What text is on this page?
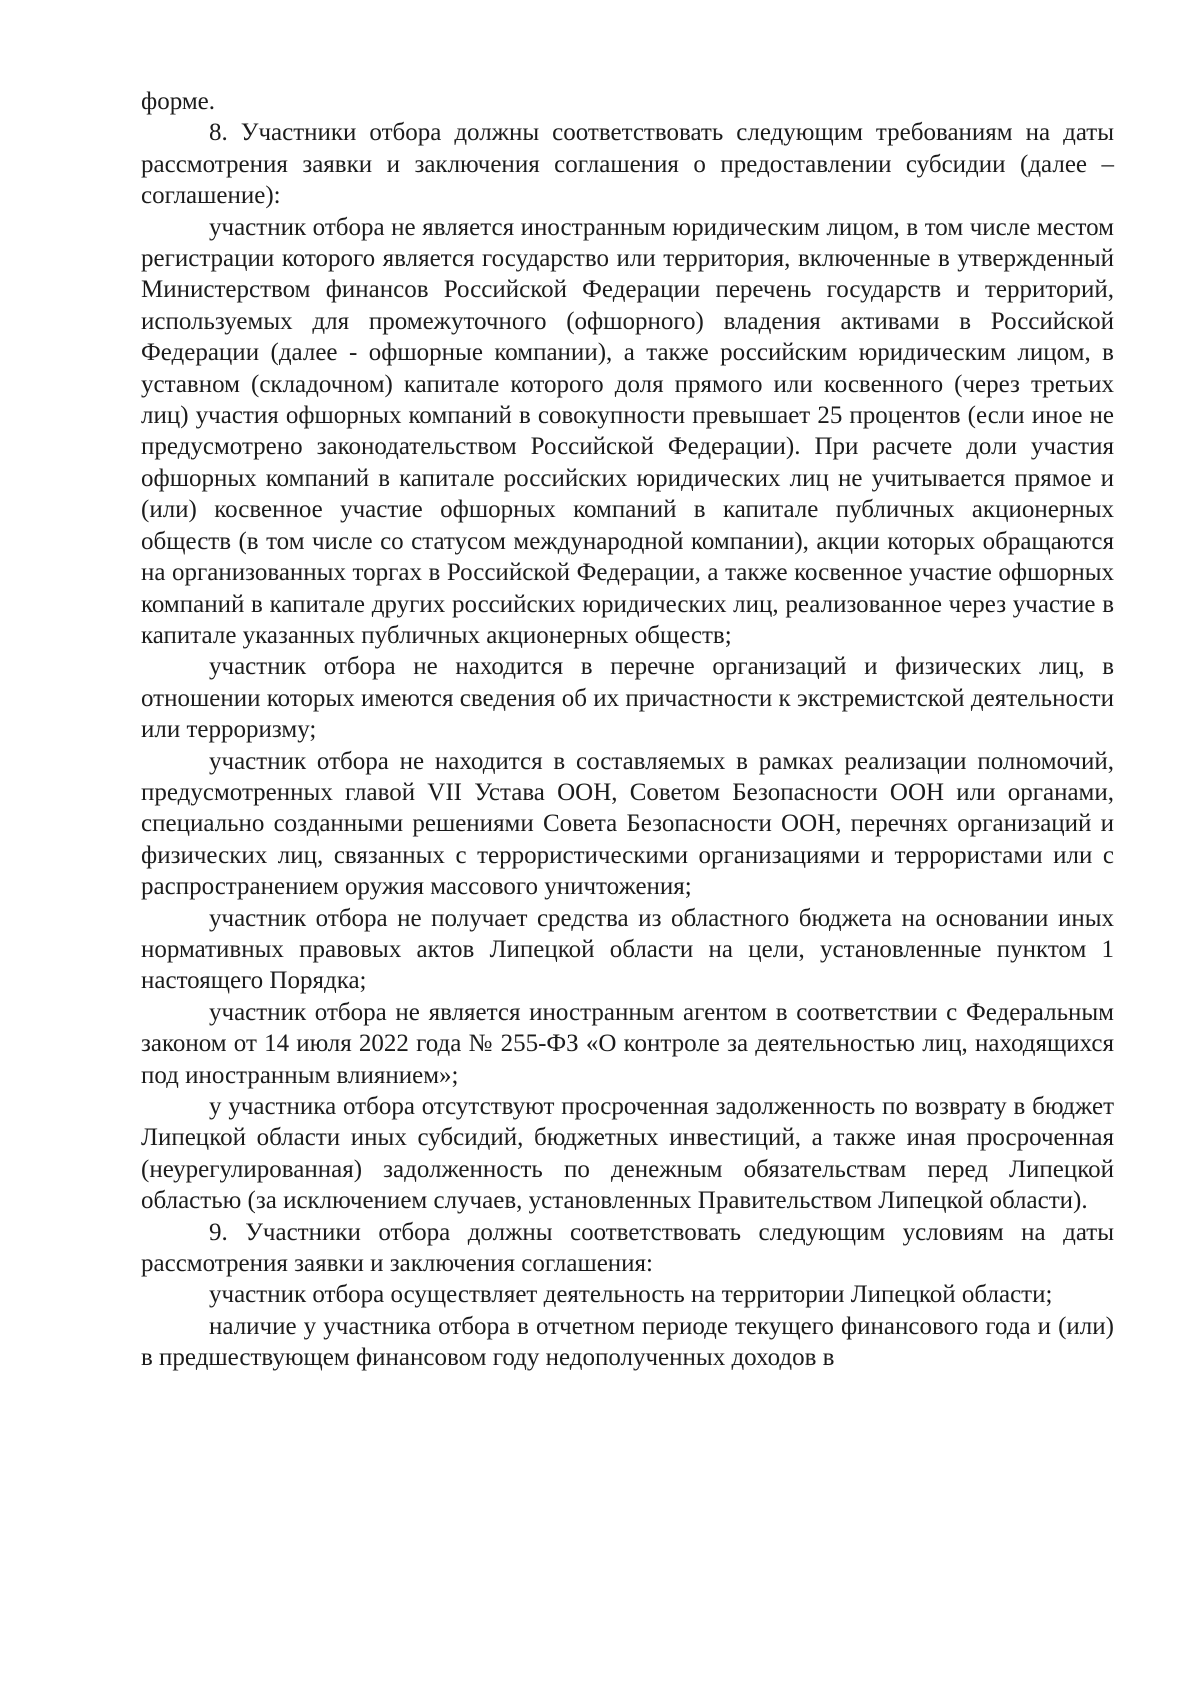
форме.

8. Участники отбора должны соответствовать следующим требованиям на даты рассмотрения заявки и заключения соглашения о предоставлении субсидии (далее – соглашение):

участник отбора не является иностранным юридическим лицом, в том числе местом регистрации которого является государство или территория, включенные в утвержденный Министерством финансов Российской Федерации перечень государств и территорий, используемых для промежуточного (офшорного) владения активами в Российской Федерации (далее - офшорные компании), а также российским юридическим лицом, в уставном (складочном) капитале которого доля прямого или косвенного (через третьих лиц) участия офшорных компаний в совокупности превышает 25 процентов (если иное не предусмотрено законодательством Российской Федерации). При расчете доли участия офшорных компаний в капитале российских юридических лиц не учитывается прямое и (или) косвенное участие офшорных компаний в капитале публичных акционерных обществ (в том числе со статусом международной компании), акции которых обращаются на организованных торгах в Российской Федерации, а также косвенное участие офшорных компаний в капитале других российских юридических лиц, реализованное через участие в капитале указанных публичных акционерных обществ;

участник отбора не находится в перечне организаций и физических лиц, в отношении которых имеются сведения об их причастности к экстремистской деятельности или терроризму;

участник отбора не находится в составляемых в рамках реализации полномочий, предусмотренных главой VII Устава ООН, Советом Безопасности ООН или органами, специально созданными решениями Совета Безопасности ООН, перечнях организаций и физических лиц, связанных с террористическими организациями и террористами или с распространением оружия массового уничтожения;

участник отбора не получает средства из областного бюджета на основании иных нормативных правовых актов Липецкой области на цели, установленные пунктом 1 настоящего Порядка;

участник отбора не является иностранным агентом в соответствии с Федеральным законом от 14 июля 2022 года № 255-ФЗ «О контроле за деятельностью лиц, находящихся под иностранным влиянием»;

у участника отбора отсутствуют просроченная задолженность по возврату в бюджет Липецкой области иных субсидий, бюджетных инвестиций, а также иная просроченная (неурегулированная) задолженность по денежным обязательствам перед Липецкой областью (за исключением случаев, установленных Правительством Липецкой области).

9. Участники отбора должны соответствовать следующим условиям на даты рассмотрения заявки и заключения соглашения:

участник отбора осуществляет деятельность на территории Липецкой области;

наличие у участника отбора в отчетном периоде текущего финансового года и (или) в предшествующем финансовом году недополученных доходов в
